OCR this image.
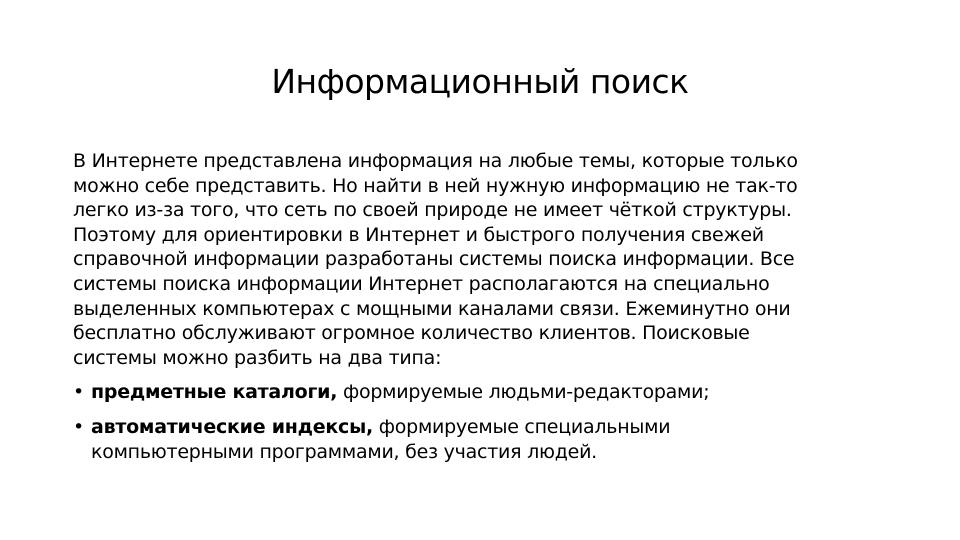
Информационный поиск

В Интернете представлена информация на любые темы, которые только
можно себе представить. Но найти в ней нужную информацию не так-то
легко из-за того, что сеть по своей природе не имеет чёткой структуры.
Поэтому для ориентировки в Интернет и быстрого получения свежей
справочной информации разработаны системы поиска информации. Все
системы поиска информации Интернет располагаются на специально
выделенных компьютерах с мощными каналами связи. Ежеминутно они
бесплатно обслуживают огромное количество клиентов. Поисковые
системы можно разбить на два типа:

• предметные каталоги, формируемые людьми-редакторами;
• автоматические индексы, формируемые специальными
компьютерными программами, без участия людей.
